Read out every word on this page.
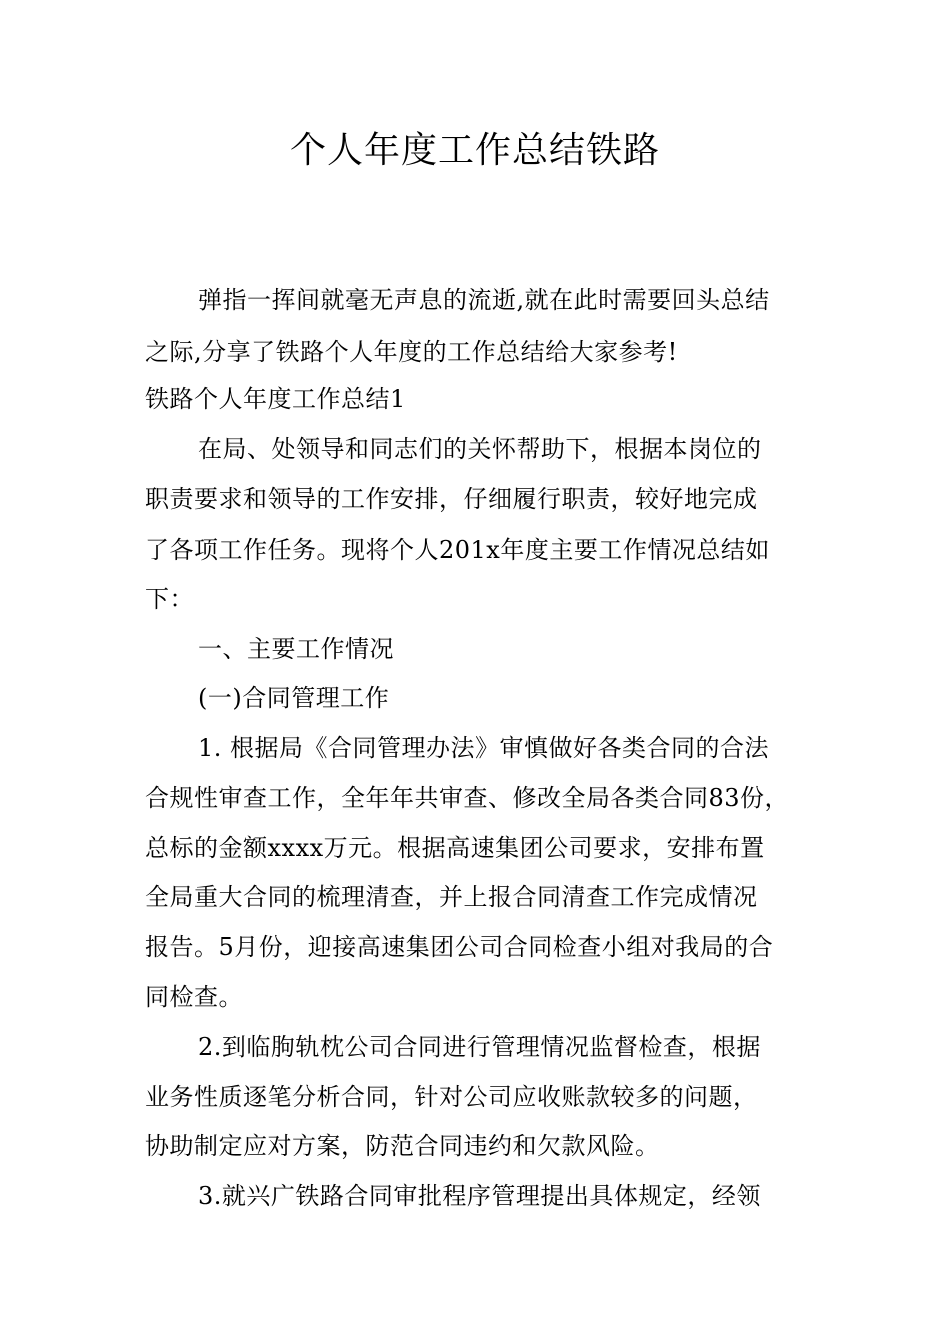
个人年度工作总结铁路
弹指一挥间就毫无声息的流逝,就在此时需要回头总结
之际,分享了铁路个人年度的工作总结给大家参考!
铁路个人年度工作总结1
在局、处领导和同志们的关怀帮助下，根据本岗位的
职责要求和领导的工作安排，仔细履行职责，较好地完成
了各项工作任务。现将个人201x年度主要工作情况总结如
下：
一、主要工作情况
(一)合同管理工作
1. 根据局《合同管理办法》审慎做好各类合同的合法
合规性审查工作，全年年共审查、修改全局各类合同83份，
总标的金额xxxx万元。根据高速集团公司要求，安排布置
全局重大合同的梳理清查，并上报合同清查工作完成情况
报告。5月份，迎接高速集团公司合同检查小组对我局的合
同检查。
2.到临朐轨枕公司合同进行管理情况监督检查，根据
业务性质逐笔分析合同，针对公司应收账款较多的问题，
协助制定应对方案，防范合同违约和欠款风险。
3.就兴广铁路合同审批程序管理提出具体规定，经领
